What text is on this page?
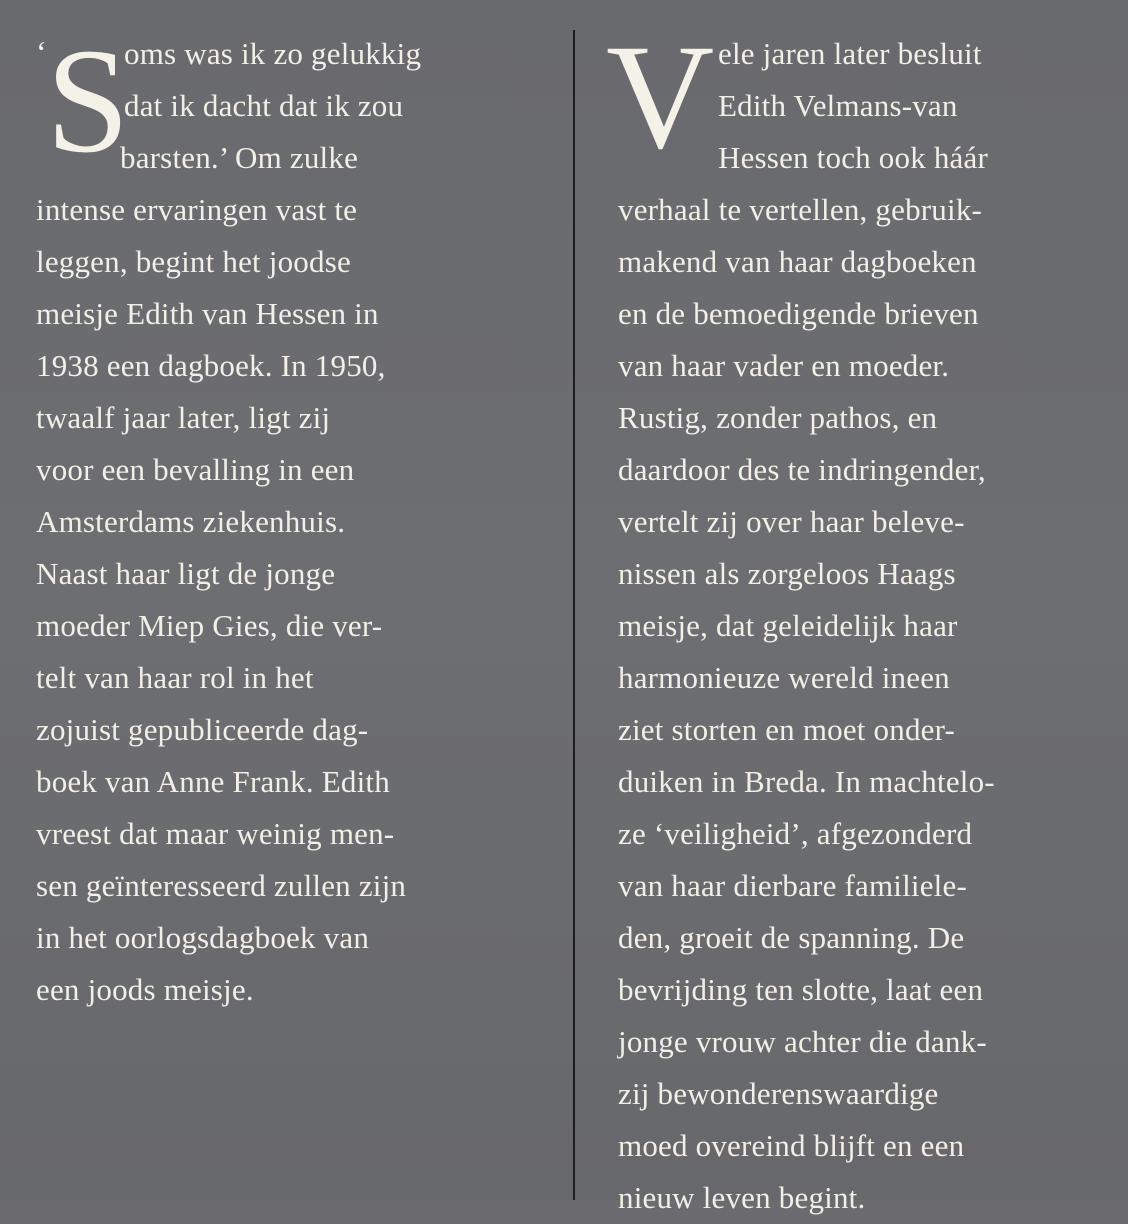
‘ S
oms was ik zo gelukkig
dat ik dacht dat ik zou
barsten.’ Om zulke
intense ervaringen vast te
leggen, begint het joodse
meisje Edith van Hessen in
1938 een dagboek. In 1950,
twaalf jaar later, ligt zij
voor een bevalling in een
Amsterdams ziekenhuis.
Naast haar ligt de jonge
moeder Miep Gies, die ver-
telt van haar rol in het
zojuist gepubliceerde dag-
boek van Anne Frank. Edith
vreest dat maar weinig men-
sen geïnteresseerd zullen zijn
in het oorlogsdagboek van
een joods meisje.
V ele jaren later besluit
Edith Velmans-van
Hessen toch ook háár
verhaal te vertellen, gebruik-
makend van haar dagboeken
en de bemoedigende brieven
van haar vader en moeder.
Rustig, zonder pathos, en
daardoor des te indringender,
vertelt zij over haar beleve-
nissen als zorgeloos Haags
meisje, dat geleidelijk haar
harmonieuze wereld ineen
ziet storten en moet onder-
duiken in Breda. In machtelo-
ze ‘veiligheid’, afgezonderd
van haar dierbare familiele-
den, groeit de spanning. De
bevrijding ten slotte, laat een
jonge vrouw achter die dank-
zij bewonderenswaardige
moed overeind blijft en een
nieuw leven begint.
